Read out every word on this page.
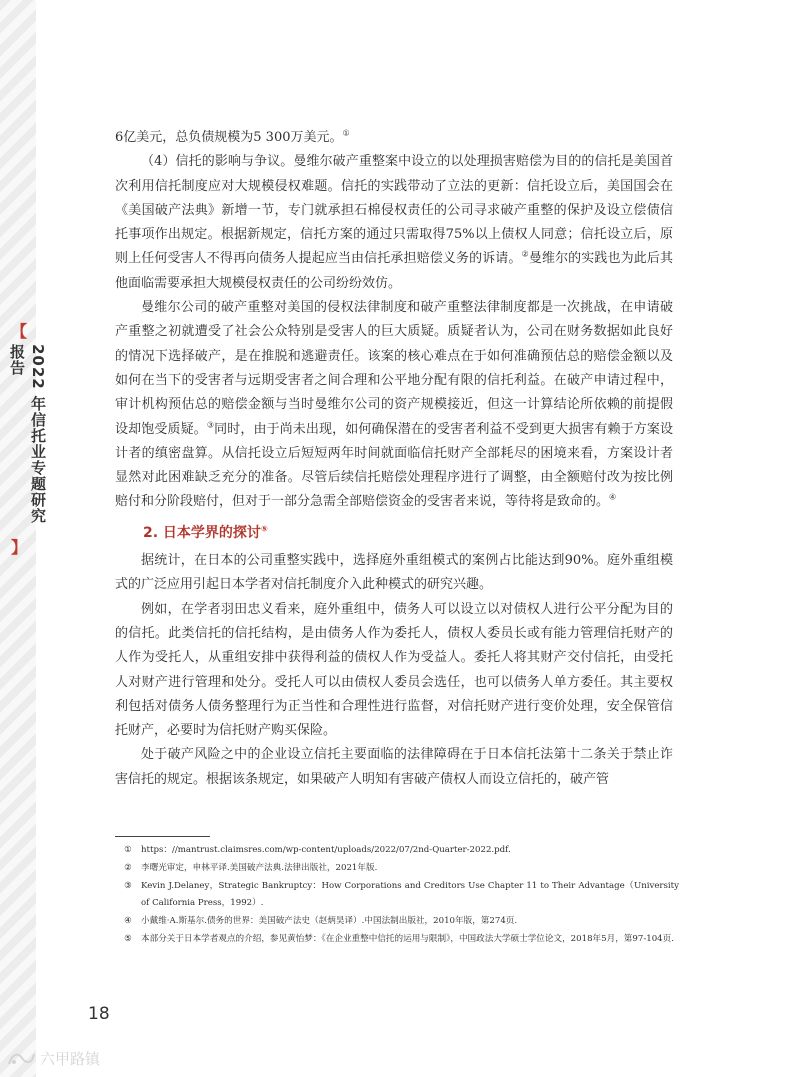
【
2022 年信托业专题研究报告
】

6亿美元，总负债规模为5 300万美元。①

（4）信托的影响与争议。曼维尔破产重整案中设立的以处理损害赔偿为目的的信托是美国首次利用信托制度应对大规模侵权难题。信托的实践带动了立法的更新：信托设立后，美国国会在《美国破产法典》新增一节，专门就承担石棉侵权责任的公司寻求破产重整的保护及设立偿债信托事项作出规定。根据新规定，信托方案的通过只需取得75%以上债权人同意；信托设立后，原则上任何受害人不得再向债务人提起应当由信托承担赔偿义务的诉请。②曼维尔的实践也为此后其他面临需要承担大规模侵权责任的公司纷纷效仿。

曼维尔公司的破产重整对美国的侵权法律制度和破产重整法律制度都是一次挑战，在申请破产重整之初就遭受了社会公众特别是受害人的巨大质疑。质疑者认为，公司在财务数据如此良好的情况下选择破产，是在推脱和逃避责任。该案的核心难点在于如何准确预估总的赔偿金额以及如何在当下的受害者与远期受害者之间合理和公平地分配有限的信托利益。在破产申请过程中，审计机构预估总的赔偿金额与当时曼维尔公司的资产规模接近，但这一计算结论所依赖的前提假设却饱受质疑。③同时，由于尚未出现，如何确保潜在的受害者利益不受到更大损害有赖于方案设计者的缜密盘算。从信托设立后短短两年时间就面临信托财产全部耗尽的困境来看，方案设计者显然对此困难缺乏充分的准备。尽管后续信托赔偿处理程序进行了调整，由全额赔付改为按比例赔付和分阶段赔付，但对于一部分急需全部赔偿资金的受害者来说，等待将是致命的。④

2. 日本学界的探讨⑤

据统计，在日本的公司重整实践中，选择庭外重组模式的案例占比能达到90%。庭外重组模式的广泛应用引起日本学者对信托制度介入此种模式的研究兴趣。

例如，在学者羽田忠义看来，庭外重组中，债务人可以设立以对债权人进行公平分配为目的的信托。此类信托的信托结构，是由债务人作为委托人，债权人委员长或有能力管理信托财产的人作为受托人，从重组安排中获得利益的债权人作为受益人。委托人将其财产交付信托，由受托人对财产进行管理和处分。受托人可以由债权人委员会选任，也可以债务人单方委任。其主要权利包括对债务人债务整理行为正当性和合理性进行监督，对信托财产进行变价处理，安全保管信托财产，必要时为信托财产购买保险。

处于破产风险之中的企业设立信托主要面临的法律障碍在于日本信托法第十二条关于禁止诈害信托的规定。根据该条规定，如果破产人明知有害破产债权人而设立信托的，破产管

①	https：//mantrust.claimsres.com/wp-content/uploads/2022/07/2nd-Quarter-2022.pdf.
②	李曙光审定，申林平译.美国破产法典.法律出版社，2021年版.
③	Kevin J.Delaney，Strategic Bankruptcy：How Corporations and Creditors Use Chapter 11 to Their Advantage（University of California Press，1992）.
④	小戴维·A.斯基尔.债务的世界：美国破产法史（赵炳昊译）.中国法制出版社，2010年版，第274页.
⑤	本部分关于日本学者观点的介绍，参见黄怡梦：《在企业重整中信托的运用与限制》，中国政法大学硕士学位论文，2018年5月，第97-104页.
18
六甲路镇
